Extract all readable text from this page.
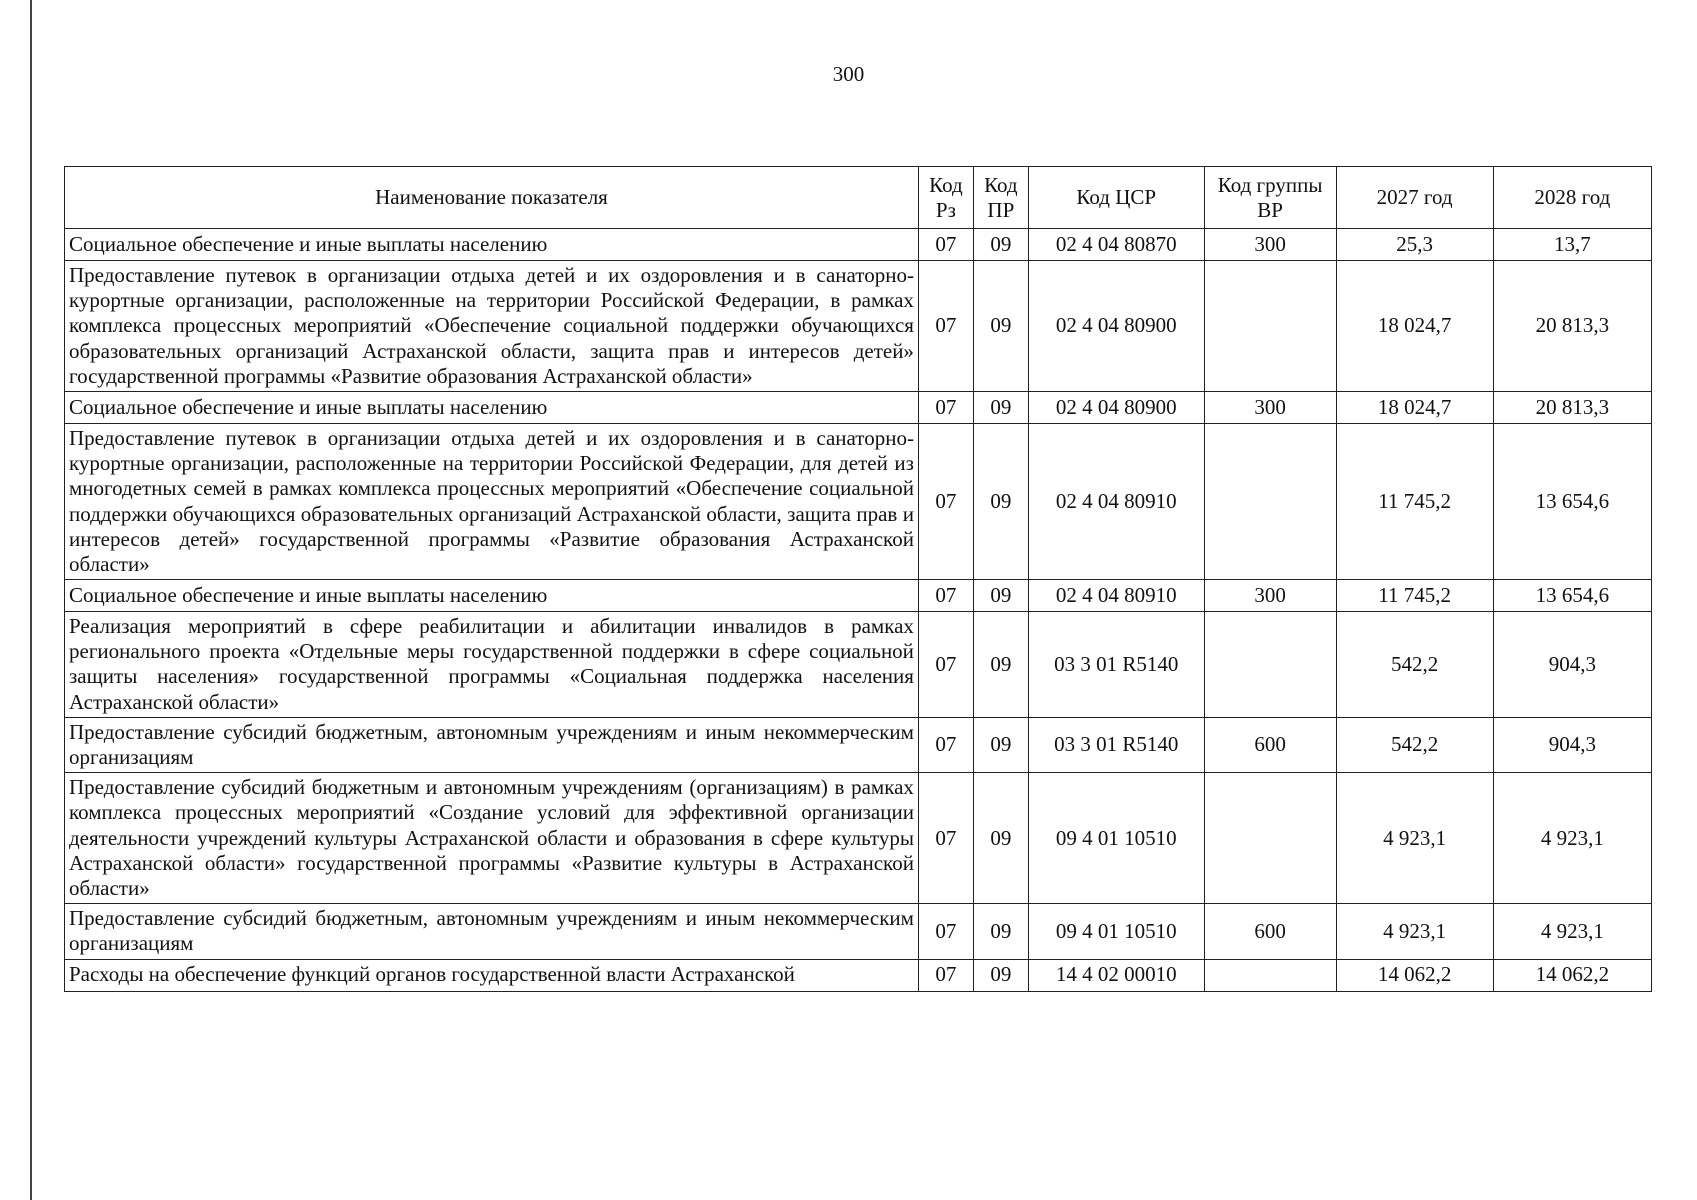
300
Наименование показателя	Код Рз	Код ПР	Код ЦСР	Код группы ВР	2027 год	2028 год
Социальное обеспечение и иные выплаты населению	07	09	02 4 04 80870	300	25,3	13,7
Предоставление путевок в организации отдыха детей и их оздоровления и в санаторно-курортные организации, расположенные на территории Российской Федерации, в рамках комплекса процессных мероприятий «Обеспечение социальной поддержки обучающихся образовательных организаций Астраханской области, защита прав и интересов детей» государственной программы «Развитие образования Астраханской области»	07	09	02 4 04 80900		18 024,7	20 813,3
Социальное обеспечение и иные выплаты населению	07	09	02 4 04 80900	300	18 024,7	20 813,3
Предоставление путевок в организации отдыха детей и их оздоровления и в санаторно-курортные организации, расположенные на территории Российской Федерации, для детей из многодетных семей в рамках комплекса процессных мероприятий «Обеспечение социальной поддержки обучающихся образовательных организаций Астраханской области, защита прав и интересов детей» государственной программы «Развитие образования Астраханской области»	07	09	02 4 04 80910		11 745,2	13 654,6
Социальное обеспечение и иные выплаты населению	07	09	02 4 04 80910	300	11 745,2	13 654,6
Реализация мероприятий в сфере реабилитации и абилитации инвалидов в рамках регионального проекта «Отдельные меры государственной поддержки в сфере социальной защиты населения» государственной программы «Социальная поддержка населения Астраханской области»	07	09	03 3 01 R5140		542,2	904,3
Предоставление субсидий бюджетным, автономным учреждениям и иным некоммерческим организациям	07	09	03 3 01 R5140	600	542,2	904,3
Предоставление субсидий бюджетным и автономным учреждениям (организациям) в рамках комплекса процессных мероприятий «Создание условий для эффективной организации деятельности учреждений культуры Астраханской области и образования в сфере культуры Астраханской области» государственной программы «Развитие культуры в Астраханской области»	07	09	09 4 01 10510		4 923,1	4 923,1
Предоставление субсидий бюджетным, автономным учреждениям и иным некоммерческим организациям	07	09	09 4 01 10510	600	4 923,1	4 923,1
Расходы на обеспечение функций органов государственной власти Астраханской	07	09	14 4 02 00010		14 062,2	14 062,2
